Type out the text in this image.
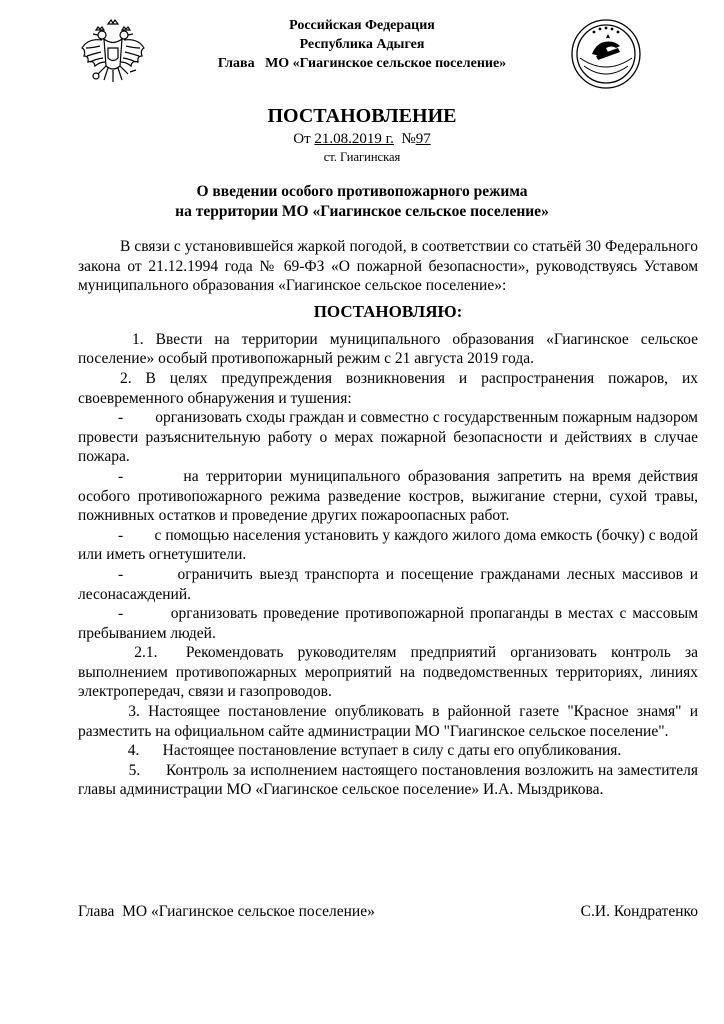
Российская Федерация
Республика Адыгея
Глава   МО «Гиагинское сельское поселение»
ПОСТАНОВЛЕНИЕ
От 21.08.2019 г.  №97
ст. Гиагинская
О введении особого противопожарного режима
на территории МО «Гиагинское сельское поселение»

В связи с установившейся жаркой погодой, в соответствии со статьёй 30 Федерального закона от 21.12.1994 года № 69-ФЗ «О пожарной безопасности», руководствуясь Уставом муниципального образования «Гиагинское сельское поселение»:

ПОСТАНОВЛЯЮ:

1. Ввести на территории муниципального образования «Гиагинское сельское поселение» особый противопожарный режим с 21 августа 2019 года.

2. В целях предупреждения возникновения и распространения пожаров, их своевременного обнаружения и тушения:

-        организовать сходы граждан и совместно с государственным пожарным надзором провести разъяснительную работу о мерах пожарной безопасности и действиях в случае пожара.

-        на территории муниципального образования запретить на время действия особого противопожарного режима разведение костров, выжигание стерни, сухой травы, пожнивных остатков и проведение других пожароопасных работ.

-        с помощью населения установить у каждого жилого дома емкость (бочку) с водой или иметь огнетушители.

-        ограничить выезд транспорта и посещение гражданами лесных массивов и лесонасаждений.

-        организовать проведение противопожарной пропаганды в местах с массовым пребыванием людей.

2.1.  Рекомендовать руководителям предприятий организовать контроль за выполнением противопожарных мероприятий на подведомственных территориях, линиях электропередач, связи и газопроводов.

3. Настоящее постановление опубликовать в районной газете "Красное знамя" и разместить на официальном сайте администрации МО "Гиагинское сельское поселение".

4.      Настоящее постановление вступает в силу с даты его опубликования.

5.      Контроль за исполнением настоящего постановления возложить на заместителя главы администрации МО «Гиагинское сельское поселение» И.А. Мыздрикова.

Глава  МО «Гиагинское сельское поселение»	С.И. Кондратенко
